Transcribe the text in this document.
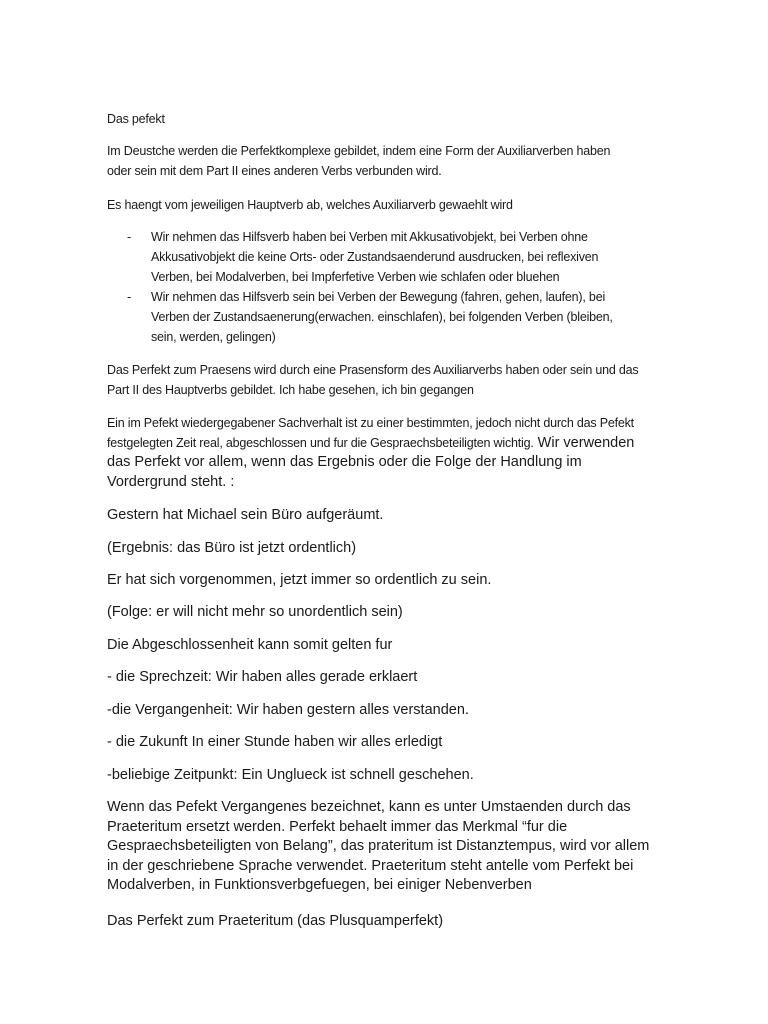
Das pefekt
Im Deustche werden die Perfektkomplexe gebildet, indem eine Form der Auxiliarverben haben
oder sein mit dem Part II eines anderen Verbs verbunden wird.
Es haengt vom jeweiligen Hauptverb ab, welches Auxiliarverb gewaehlt wird
- Wir nehmen das Hilfsverb haben bei Verben mit Akkusativobjekt, bei Verben ohne
Akkusativobjekt die keine Orts- oder Zustandsaenderund ausdrucken, bei reflexiven
Verben, bei Modalverben, bei Impferfetive Verben wie schlafen oder bluehen
- Wir nehmen das Hilfsverb sein bei Verben der Bewegung (fahren, gehen, laufen), bei
Verben der Zustandsaenerung(erwachen. einschlafen), bei folgenden Verben (bleiben,
sein, werden, gelingen)
Das Perfekt zum Praesens wird durch eine Prasensform des Auxiliarverbs haben oder sein und das
Part II des Hauptverbs gebildet. Ich habe gesehen, ich bin gegangen
Ein im Pefekt wiedergegabener Sachverhalt ist zu einer bestimmten, jedoch nicht durch das Pefekt
festgelegten Zeit real, abgeschlossen und fur die Gespraechsbeteiligten wichtig. Wir verwenden
das Perfekt vor allem, wenn das Ergebnis oder die Folge der Handlung im
Vordergrund steht. :
Gestern hat Michael sein Büro aufgeräumt.
(Ergebnis: das Büro ist jetzt ordentlich)
Er hat sich vorgenommen, jetzt immer so ordentlich zu sein.
(Folge: er will nicht mehr so unordentlich sein)
Die Abgeschlossenheit kann somit gelten fur
- die Sprechzeit: Wir haben alles gerade erklaert
-die Vergangenheit: Wir haben gestern alles verstanden.
- die Zukunft In einer Stunde haben wir alles erledigt
-beliebige Zeitpunkt: Ein Unglueck ist schnell geschehen.
Wenn das Pefekt Vergangenes bezeichnet, kann es unter Umstaenden durch das
Praeteritum ersetzt werden. Perfekt behaelt immer das Merkmal “fur die
Gespraechsbeteiligten von Belang”, das prateritum ist Distanztempus, wird vor allem
in der geschriebene Sprache verwendet. Praeteritum steht antelle vom Perfekt bei
Modalverben, in Funktionsverbgefuegen, bei einiger Nebenverben
Das Perfekt zum Praeteritum (das Plusquamperfekt)
